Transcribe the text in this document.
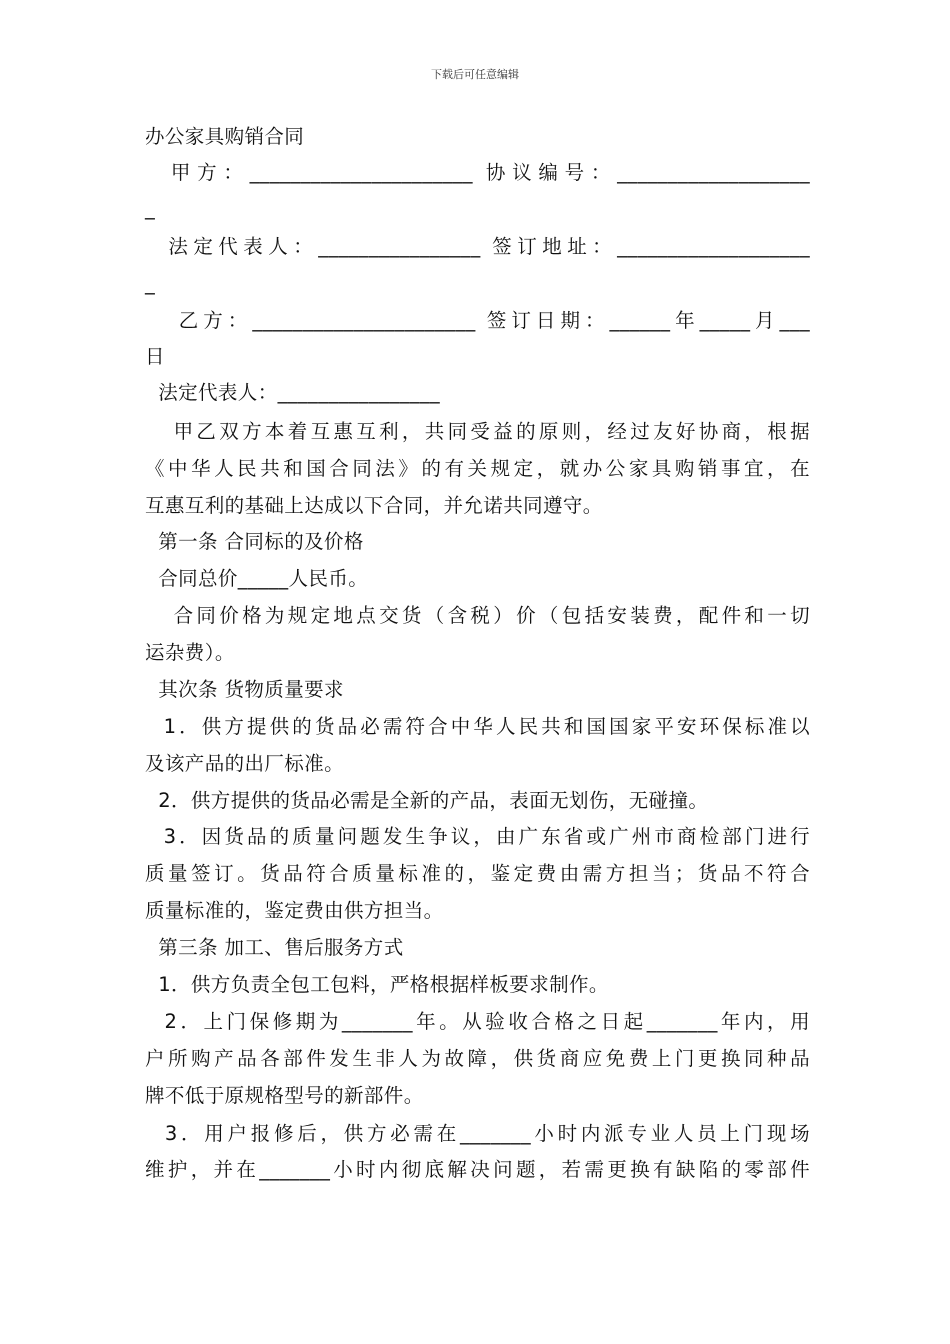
下载后可任意编辑
办公家具购销合同
甲方：______________________ 协议编号：___________________
_
法定代表人：________________ 签订地址：___________________
_
乙方：______________________ 签订日期：______年_____月___
日
法定代表人：________________
甲乙双方本着互惠互利，共同受益的原则，经过友好协商，根据
《中华人民共和国合同法》的有关规定，就办公家具购销事宜，在
互惠互利的基础上达成以下合同，并允诺共同遵守。
第一条 合同标的及价格
合同总价_____人民币。
合同价格为规定地点交货（含税）价（包括安装费，配件和一切
运杂费）。
其次条 货物质量要求
1．供方提供的货品必需符合中华人民共和国国家平安环保标准以
及该产品的出厂标准。
2．供方提供的货品必需是全新的产品，表面无划伤，无碰撞。
3．因货品的质量问题发生争议，由广东省或广州市商检部门进行
质量签订。货品符合质量标准的，鉴定费由需方担当；货品不符合
质量标准的，鉴定费由供方担当。
第三条 加工、售后服务方式
1．供方负责全包工包料，严格根据样板要求制作。
2．上门保修期为_______年。从验收合格之日起_______年内，用
户所购产品各部件发生非人为故障，供货商应免费上门更换同种品
牌不低于原规格型号的新部件。
3．用户报修后，供方必需在_______小时内派专业人员上门现场
维护，并在_______小时内彻底解决问题，若需更换有缺陷的零部件
